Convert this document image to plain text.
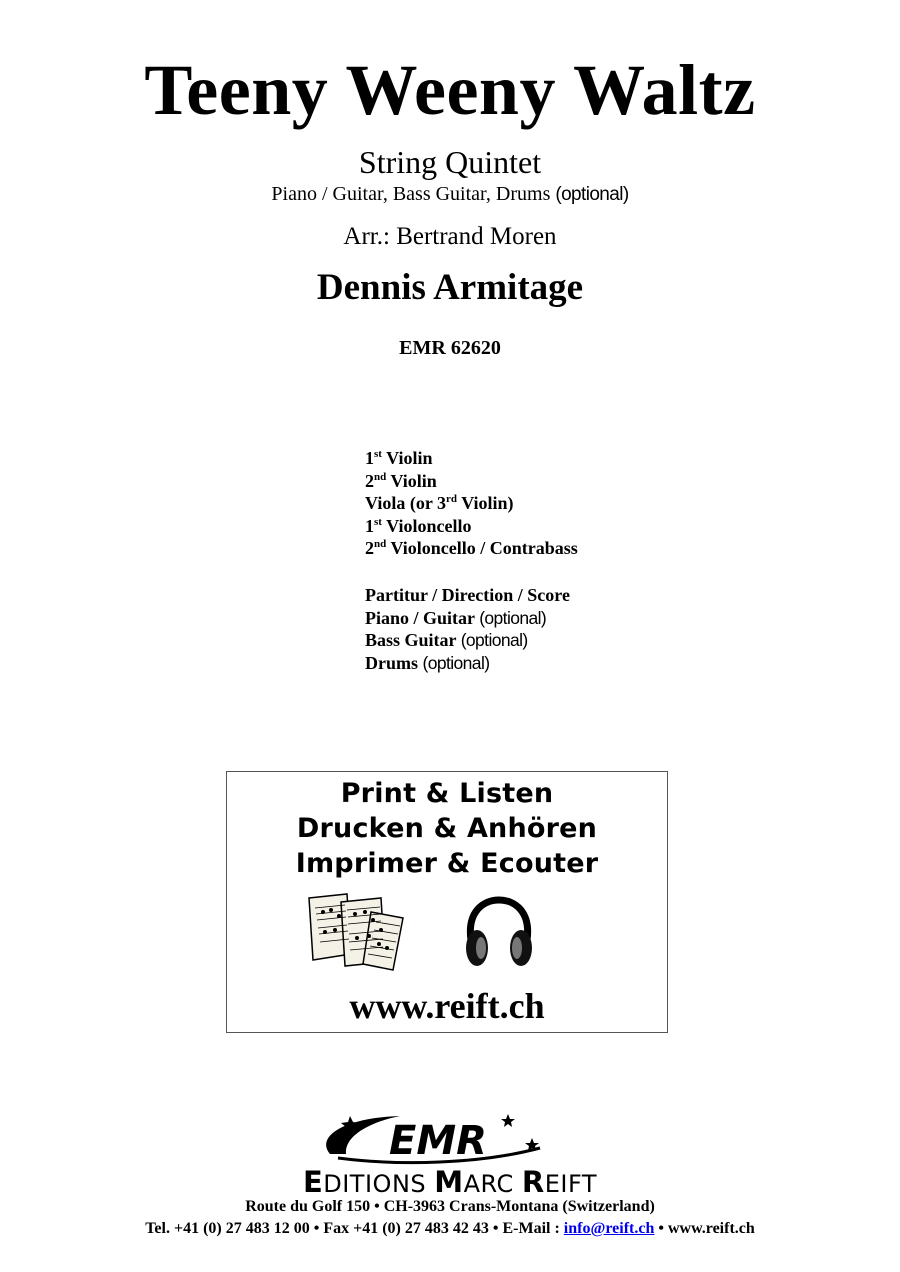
Teeny Weeny Waltz
String Quintet
Piano / Guitar, Bass Guitar, Drums (optional)
Arr.: Bertrand Moren
Dennis Armitage
EMR 62620
1st Violin
2nd Violin
Viola (or 3rd Violin)
1st Violoncello
2nd Violoncello / Contrabass
Partitur / Direction / Score
Piano / Guitar (optional)
Bass Guitar (optional)
Drums (optional)
Print & Listen
Drucken & Anhören
Imprimer & Ecouter
www.reift.ch
EMR
EDITIONS MARC REIFT
Route du Golf 150 • CH-3963 Crans-Montana (Switzerland)
Tel. +41 (0) 27 483 12 00 • Fax +41 (0) 27 483 42 43 • E-Mail : info@reift.ch • www.reift.ch
